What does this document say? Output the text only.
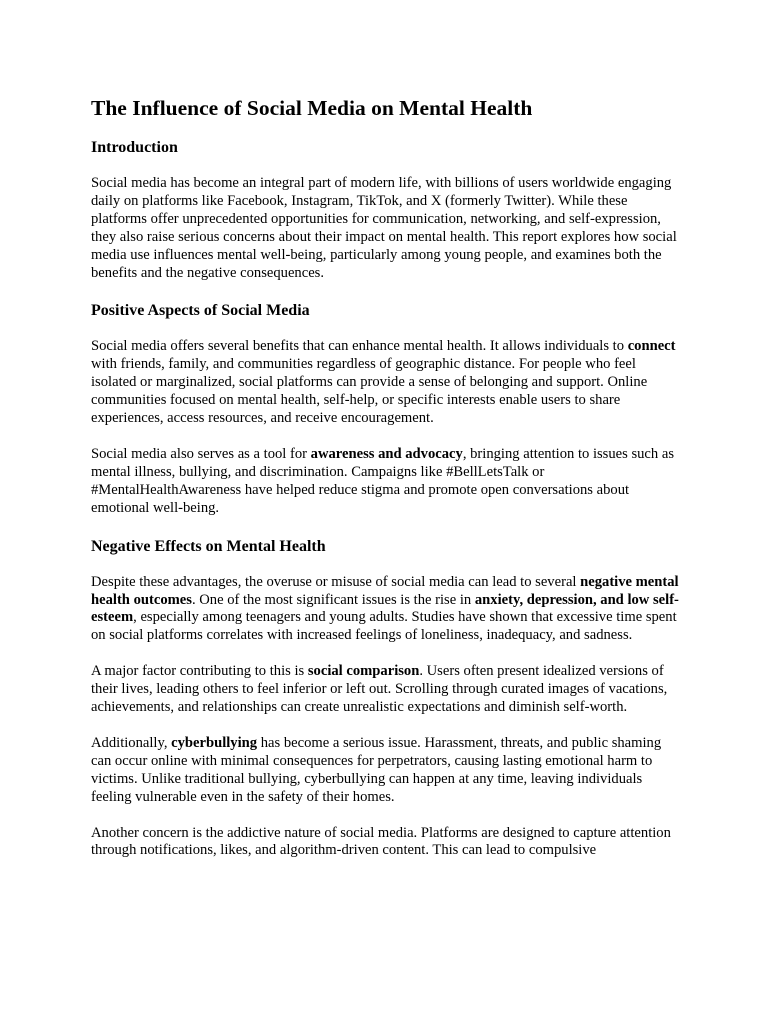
The Influence of Social Media on Mental Health
Introduction

Social media has become an integral part of modern life, with billions of users worldwide engaging daily on platforms like Facebook, Instagram, TikTok, and X (formerly Twitter). While these platforms offer unprecedented opportunities for communication, networking, and self-expression, they also raise serious concerns about their impact on mental health. This report explores how social media use influences mental well-being, particularly among young people, and examines both the benefits and the negative consequences.

Positive Aspects of Social Media

Social media offers several benefits that can enhance mental health. It allows individuals to connect with friends, family, and communities regardless of geographic distance. For people who feel isolated or marginalized, social platforms can provide a sense of belonging and support. Online communities focused on mental health, self-help, or specific interests enable users to share experiences, access resources, and receive encouragement.

Social media also serves as a tool for awareness and advocacy, bringing attention to issues such as mental illness, bullying, and discrimination. Campaigns like #BellLetsTalk or #MentalHealthAwareness have helped reduce stigma and promote open conversations about emotional well-being.

Negative Effects on Mental Health

Despite these advantages, the overuse or misuse of social media can lead to several negative mental health outcomes. One of the most significant issues is the rise in anxiety, depression, and low self-esteem, especially among teenagers and young adults. Studies have shown that excessive time spent on social platforms correlates with increased feelings of loneliness, inadequacy, and sadness.

A major factor contributing to this is social comparison. Users often present idealized versions of their lives, leading others to feel inferior or left out. Scrolling through curated images of vacations, achievements, and relationships can create unrealistic expectations and diminish self-worth.

Additionally, cyberbullying has become a serious issue. Harassment, threats, and public shaming can occur online with minimal consequences for perpetrators, causing lasting emotional harm to victims. Unlike traditional bullying, cyberbullying can happen at any time, leaving individuals feeling vulnerable even in the safety of their homes.

Another concern is the addictive nature of social media. Platforms are designed to capture attention through notifications, likes, and algorithm-driven content. This can lead to compulsive
